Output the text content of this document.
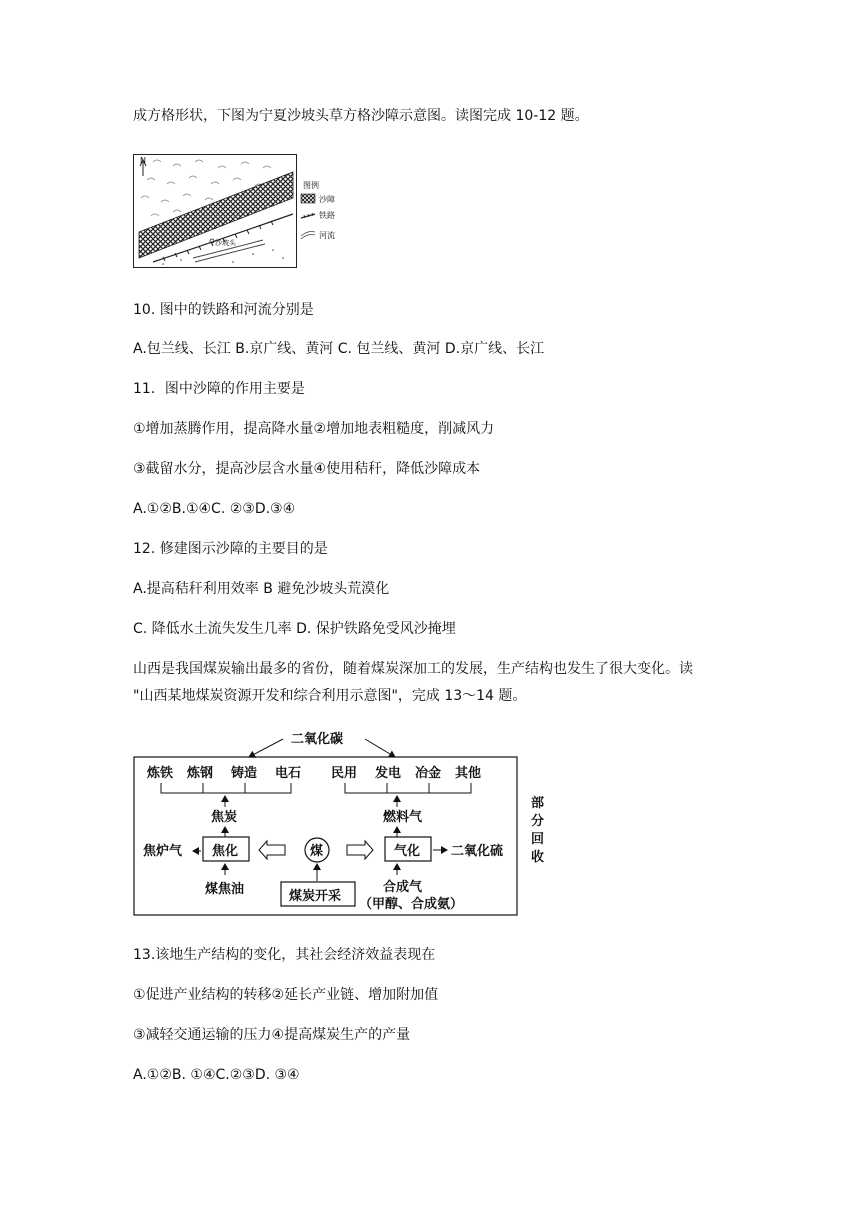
成方格形状，下图为宁夏沙坡头草方格沙障示意图。读图完成 10-12 题。
N
沙坡头
图例
沙障
铁路
河流
10. 图中的铁路和河流分别是
A.包兰线、长江 B.京广线、黄河 C. 包兰线、黄河 D.京广线、长江
11．图中沙障的作用主要是
①增加蒸腾作用，提高降水量②增加地表粗糙度，削减风力
③截留水分，提高沙层含水量④使用秸秆，降低沙障成本
A.①②B.①④C. ②③D.③④
12. 修建图示沙障的主要目的是
A.提高秸秆利用效率 B 避免沙坡头荒漠化
C. 降低水土流失发生几率 D. 保护铁路免受风沙掩埋
山西是我国煤炭输出最多的省份，随着煤炭深加工的发展，生产结构也发生了很大变化。读
"山西某地煤炭资源开发和综合利用示意图"，完成 13～14 题。
二氧化碳
炼铁 炼钢 铸造 电石 民用 发电 冶金 其他
焦炭	燃料气
焦炉气 焦化	煤	气化 二氧化硫
部
分
回
收
煤焦油	合成气
（甲醇、合成氨）
煤炭开采
13.该地生产结构的变化，其社会经济效益表现在
①促进产业结构的转移②延长产业链、增加附加值
③减轻交通运输的压力④提高煤炭生产的产量
A.①②B. ①④C.②③D. ③④
